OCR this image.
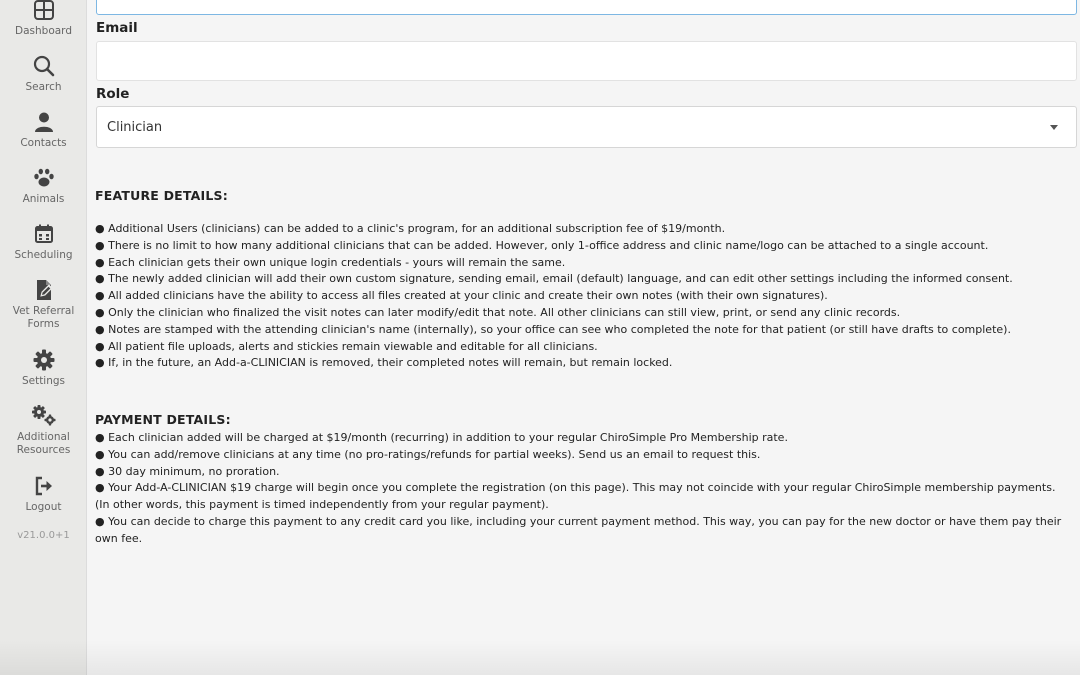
Dashboard
Search
Contacts
Animals
Scheduling
Vet Referral Forms
Settings
Additional Resources
Logout
v21.0.0+1
Email
Role
Clinician
FEATURE DETAILS:
● Additional Users (clinicians) can be added to a clinic's program, for an additional subscription fee of $19/month.
● There is no limit to how many additional clinicians that can be added. However, only 1-office address and clinic name/logo can be attached to a single account.
● Each clinician gets their own unique login credentials - yours will remain the same.
● The newly added clinician will add their own custom signature, sending email, email (default) language, and can edit other settings including the informed consent.
● All added clinicians have the ability to access all files created at your clinic and create their own notes (with their own signatures).
● Only the clinician who finalized the visit notes can later modify/edit that note. All other clinicians can still view, print, or send any clinic records.
● Notes are stamped with the attending clinician's name (internally), so your office can see who completed the note for that patient (or still have drafts to complete).
● All patient file uploads, alerts and stickies remain viewable and editable for all clinicians.
● If, in the future, an Add-a-CLINICIAN is removed, their completed notes will remain, but remain locked.
PAYMENT DETAILS:
● Each clinician added will be charged at $19/month (recurring) in addition to your regular ChiroSimple Pro Membership rate.
● You can add/remove clinicians at any time (no pro-ratings/refunds for partial weeks). Send us an email to request this.
● 30 day minimum, no proration.
● Your Add-A-CLINICIAN $19 charge will begin once you complete the registration (on this page). This may not coincide with your regular ChiroSimple membership payments. (In other words, this payment is timed independently from your regular payment).
● You can decide to charge this payment to any credit card you like, including your current payment method. This way, you can pay for the new doctor or have them pay their own fee.
